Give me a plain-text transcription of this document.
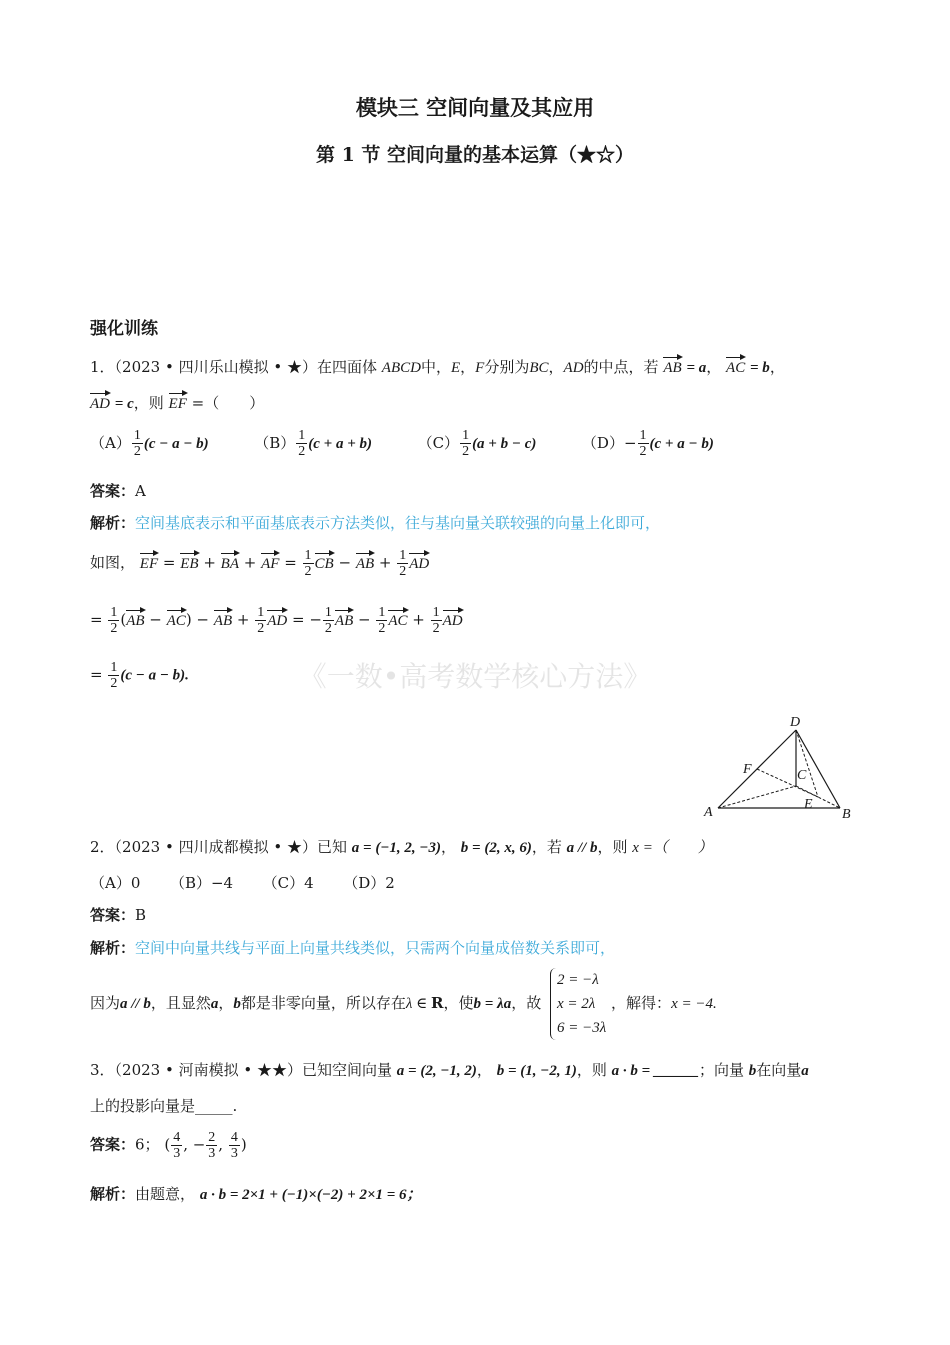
模块三 空间向量及其应用
第 1 节 空间向量的基本运算（★☆）
强化训练
《一数•高考数学核心方法》
1．（2023 • 四川乐山模拟 • ★）在四面体 ABCD中，E，F分别为BC，AD的中点，若 AB = a， AC = b，
AD = c，则 EF =（　　）
$(A) \frac{1}{2} (c - a - b)$	$(B) \frac{1}{2} (c + a + b)$	$(C) \frac{1}{2} (a + b - c)$	$(D)- \frac{1}{2} (c + a - b)$
答案：A
解析：空间基底表示和平面基底表示方法类似，往与基向量关联较强的向量上化即可，
如图， EF = EB + BA + AF = $\frac{1}{2}$ CB − AB + $\frac{1}{2}$ AD
= $\frac{1}{2} (AB - AC)$ − AB + $\frac{1}{2}$ AD = − $\frac{1}{2}$ AB − $\frac{1}{2}$ AC + $\frac{1}{2}$ AD
= $\frac{1}{2} (c - a - b)$.
D
F	C
E
A	B
2．（2023 • 四川成都模拟 • ★）已知 a = (−1, 2, −3)， b = (2, x, 6)，若 a // b，则 x =（　　）
（A）0 （B）−4 （C）4 （D）2
答案：B
解析：空间中向量共线与平面上向量共线类似，只需两个向量成倍数关系即可，
因为a // b，且显然a，b都是非零向量，所以存在λ ∈ R，使b = λa，故
2 = −λ
x = 2λ
6 = −3λ
，解得：x = −4.
3．（2023 • 河南模拟 • ★★）已知空间向量 a = (2, −1, 2)， b = (1, −2, 1)，则 a · b = ______；向量 b在向量a
上的投影向量是_____.
答案：6； ( $\frac{4}{3}$ , − $\frac{2}{3}$ , $\frac{4}{3}$ )
解析：由题意， a · b = 2×1 + (−1)×(−2) + 2×1 = 6；
